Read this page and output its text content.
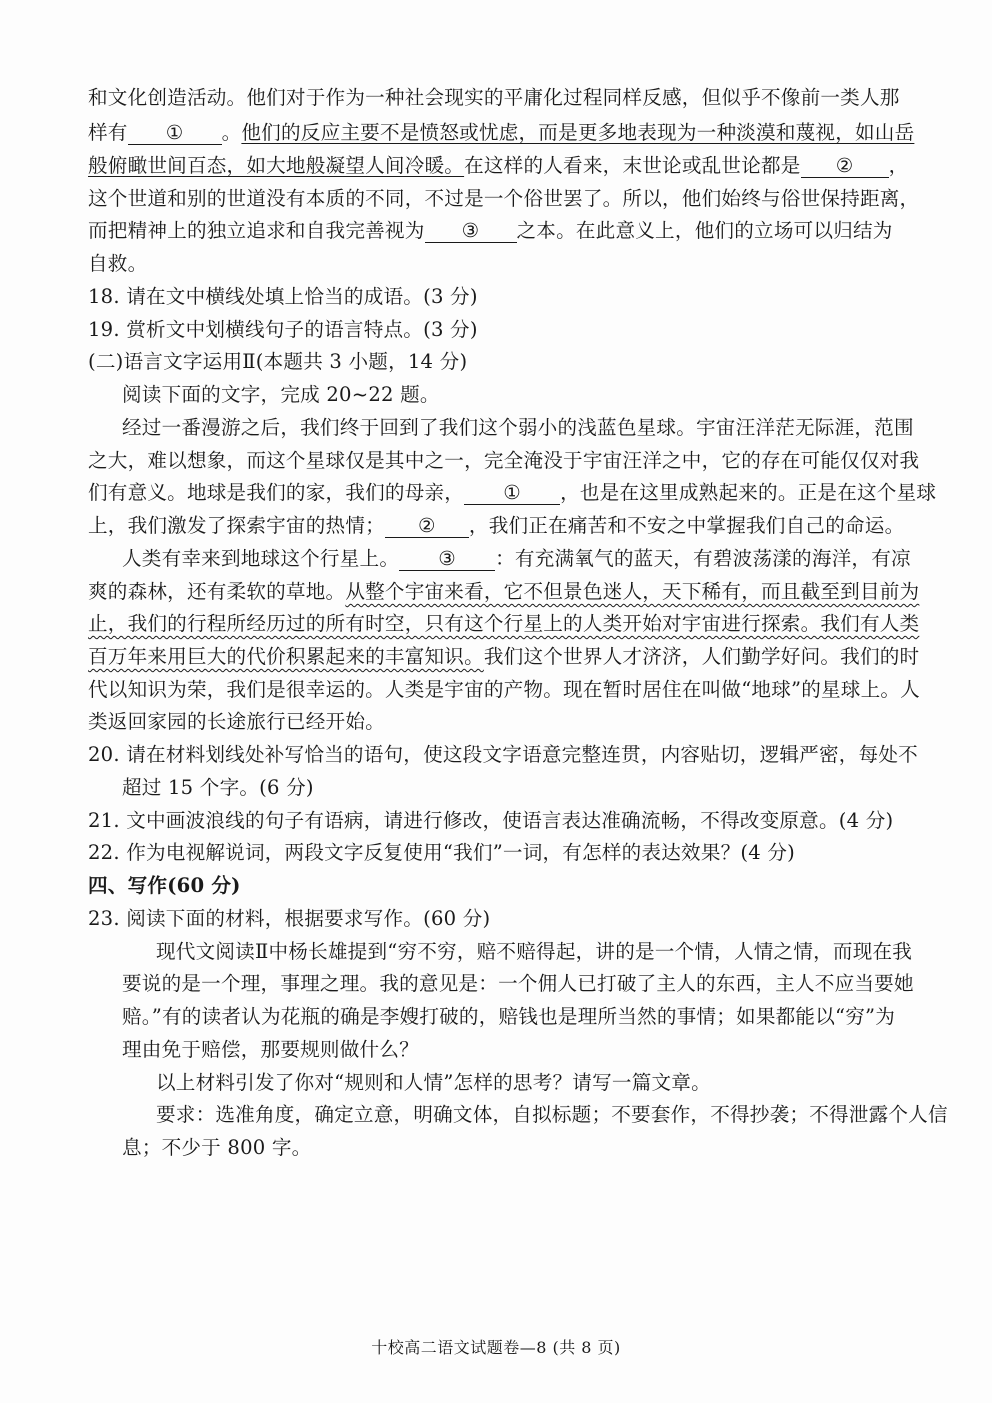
和文化创造活动。他们对于作为一种社会现实的平庸化过程同样反感，但似乎不像前一类人那
样有 ① 。他们的反应主要不是愤怒或忧虑，而是更多地表现为一种淡漠和蔑视，如山岳
般俯瞰世间百态，如大地般凝望人间冷暖。在这样的人看来，末世论或乱世论都是 ② ，
这个世道和别的世道没有本质的不同，不过是一个俗世罢了。所以，他们始终与俗世保持距离，
而把精神上的独立追求和自我完善视为 ③ 之本。在此意义上，他们的立场可以归结为
自救。
18. 请在文中横线处填上恰当的成语。(3 分)
19. 赏析文中划横线句子的语言特点。(3 分)
(二)语言文字运用Ⅱ(本题共 3 小题，14 分)
阅读下面的文字，完成 20~22 题。
经过一番漫游之后，我们终于回到了我们这个弱小的浅蓝色星球。宇宙汪洋茫无际涯，范围
之大，难以想象，而这个星球仅是其中之一，完全淹没于宇宙汪洋之中，它的存在可能仅仅对我
们有意义。地球是我们的家，我们的母亲， ① ，也是在这里成熟起来的。正是在这个星球
上，我们激发了探索宇宙的热情； ② ，我们正在痛苦和不安之中掌握我们自己的命运。
人类有幸来到地球这个行星上。 ③ ：有充满氧气的蓝天，有碧波荡漾的海洋，有凉
爽的森林，还有柔软的草地。从整个宇宙来看，它不但景色迷人，天下稀有，而且截至到目前为
止，我们的行程所经历过的所有时空，只有这个行星上的人类开始对宇宙进行探索。我们有人类
百万年来用巨大的代价积累起来的丰富知识。我们这个世界人才济济，人们勤学好问。我们的时
代以知识为荣，我们是很幸运的。人类是宇宙的产物。现在暂时居住在叫做“地球”的星球上。人
类返回家园的长途旅行已经开始。
20. 请在材料划线处补写恰当的语句，使这段文字语意完整连贯，内容贴切，逻辑严密，每处不
超过 15 个字。(6 分)
21. 文中画波浪线的句子有语病，请进行修改，使语言表达准确流畅，不得改变原意。(4 分)
22. 作为电视解说词，两段文字反复使用“我们”一词，有怎样的表达效果？(4 分)
四、写作(60 分)
23. 阅读下面的材料，根据要求写作。(60 分)
现代文阅读Ⅱ中杨长雄提到“穷不穷，赔不赔得起，讲的是一个情，人情之情，而现在我
要说的是一个理，事理之理。我的意见是：一个佣人已打破了主人的东西，主人不应当要她
赔。”有的读者认为花瓶的确是李嫂打破的，赔钱也是理所当然的事情；如果都能以“穷”为
理由免于赔偿，那要规则做什么？
以上材料引发了你对“规则和人情”怎样的思考？请写一篇文章。
要求：选准角度，确定立意，明确文体，自拟标题；不要套作，不得抄袭；不得泄露个人信
息；不少于 800 字。
十校高二语文试题卷—8 (共 8 页)
